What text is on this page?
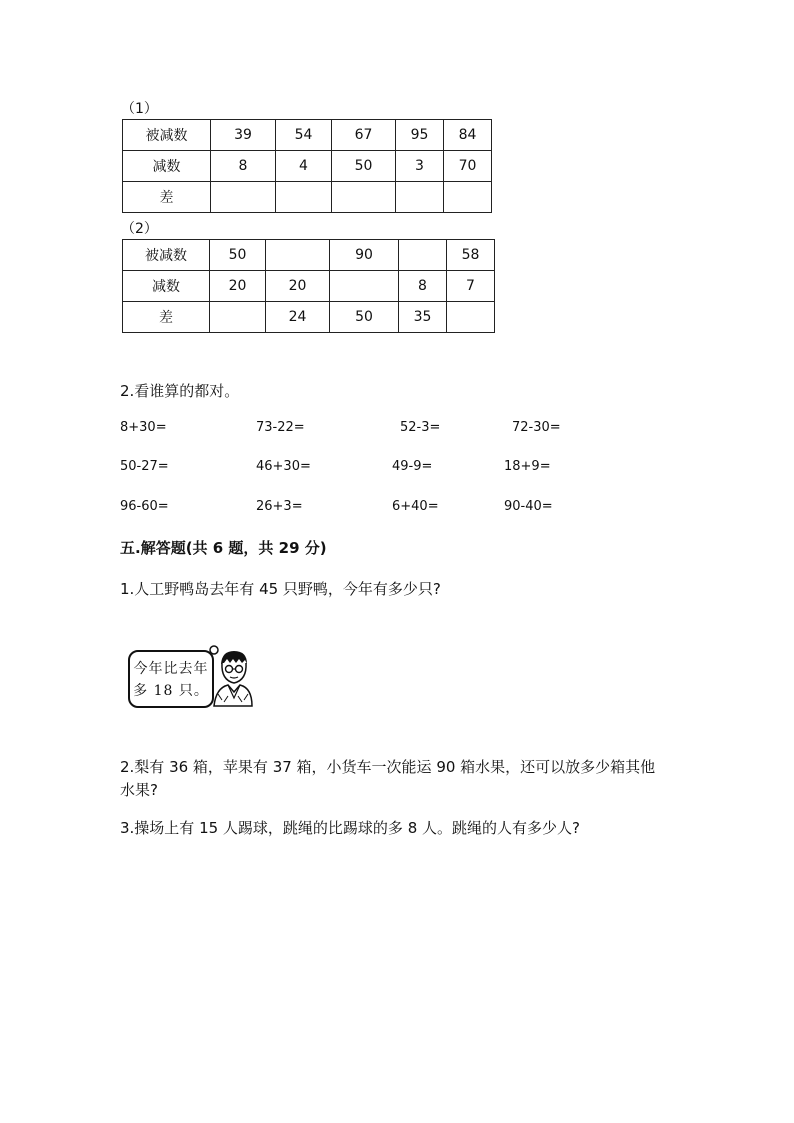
（1）
被减数	39	54	67	95	84
减数	8	4	50	3	70
差					
（2）
被减数	50		90		58
减数	20	20		8	7
差		24	50	35	
2.看谁算的都对。
8+30=	73-22=	52-3=	72-30=
50-27=	46+30=	49-9=	18+9=
96-60=	26+3=	6+40=	90-40=
五.解答题(共 6 题，共 29 分)
1.人工野鸭岛去年有 45 只野鸭，今年有多少只?
今年比去年
多 18 只。
2.梨有 36 箱，苹果有 37 箱，小货车一次能运 90 箱水果，还可以放多少箱其他
水果?
3.操场上有 15 人踢球，跳绳的比踢球的多 8 人。跳绳的人有多少人?
